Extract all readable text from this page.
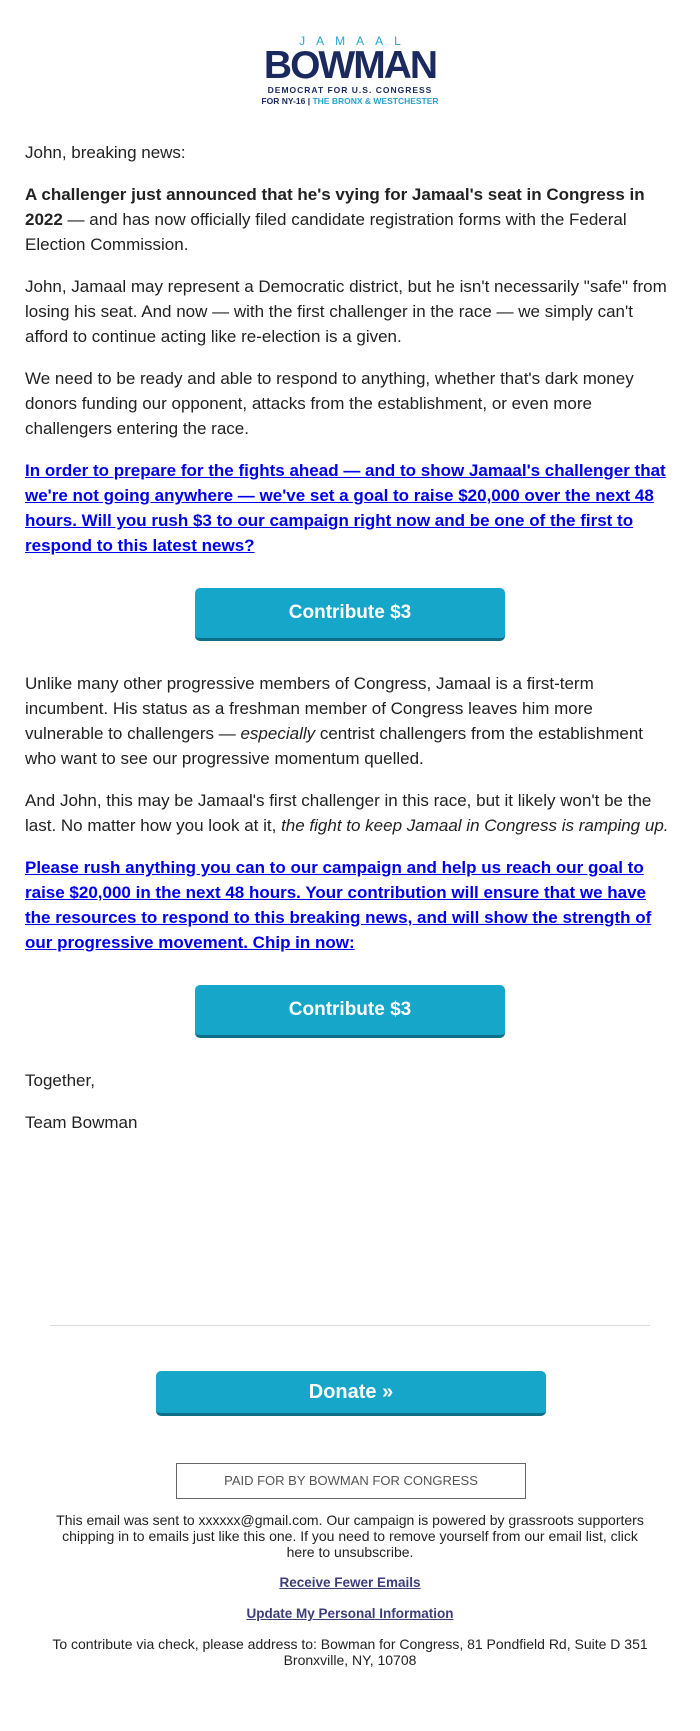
JAMAAL
BOWMAN
DEMOCRAT FOR U.S. CONGRESS
FOR NY-16 | THE BRONX & WESTCHESTER

John, breaking news:

A challenger just announced that he's vying for Jamaal's seat in Congress in 2022 — and has now officially filed candidate registration forms with the Federal Election Commission.

John, Jamaal may represent a Democratic district, but he isn't necessarily "safe" from losing his seat. And now — with the first challenger in the race — we simply can't afford to continue acting like re-election is a given.

We need to be ready and able to respond to anything, whether that's dark money donors funding our opponent, attacks from the establishment, or even more challengers entering the race.

In order to prepare for the fights ahead — and to show Jamaal's challenger that we're not going anywhere — we've set a goal to raise $20,000 over the next 48 hours. Will you rush $3 to our campaign right now and be one of the first to respond to this latest news?

Contribute $3

Unlike many other progressive members of Congress, Jamaal is a first-term incumbent. His status as a freshman member of Congress leaves him more vulnerable to challengers — especially centrist challengers from the establishment who want to see our progressive momentum quelled.

And John, this may be Jamaal's first challenger in this race, but it likely won't be the last. No matter how you look at it, the fight to keep Jamaal in Congress is ramping up.

Please rush anything you can to our campaign and help us reach our goal to raise $20,000 in the next 48 hours. Your contribution will ensure that we have the resources to respond to this breaking news, and will show the strength of our progressive movement. Chip in now:

Contribute $3

Together,

Team Bowman

Donate »
PAID FOR BY BOWMAN FOR CONGRESS

This email was sent to xxxxxx@gmail.com. Our campaign is powered by grassroots supporters chipping in to emails just like this one. If you need to remove yourself from our email list, click here to unsubscribe.

Receive Fewer Emails

Update My Personal Information

To contribute via check, please address to: Bowman for Congress, 81 Pondfield Rd, Suite D 351 Bronxville, NY, 10708
